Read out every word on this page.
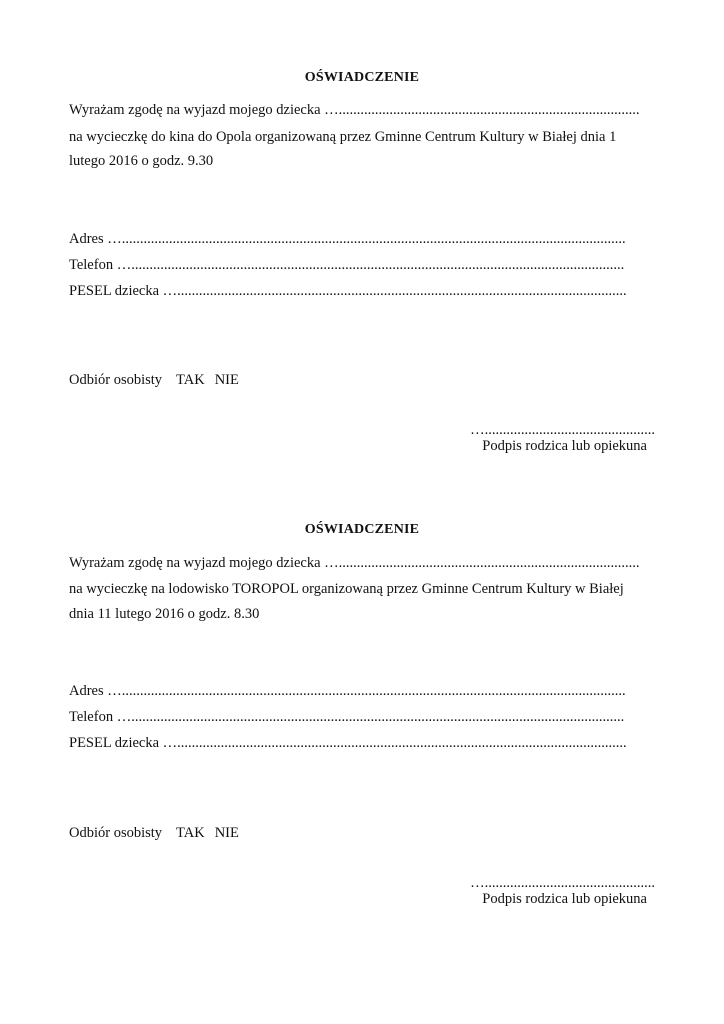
OŚWIADCZENIE
Wyrażam zgodę na wyjazd mojego dziecka …...................................................................................
na wycieczkę do kina do Opola organizowaną przez Gminne Centrum Kultury w Białej dnia 1
lutego 2016 o godz. 9.30
Adres …...........................................................................................................................................
Telefon …........................................................................................................................................
PESEL dziecka …............................................................................................................................
Odbiór osobisty TAK NIE
…...............................................
Podpis rodzica lub opiekuna
OŚWIADCZENIE
Wyrażam zgodę na wyjazd mojego dziecka …...................................................................................
na wycieczkę na lodowisko TOROPOL organizowaną przez Gminne Centrum Kultury w Białej
dnia 11 lutego 2016 o godz. 8.30
Adres …...........................................................................................................................................
Telefon …........................................................................................................................................
PESEL dziecka …............................................................................................................................
Odbiór osobisty TAK NIE
…...............................................
Podpis rodzica lub opiekuna
